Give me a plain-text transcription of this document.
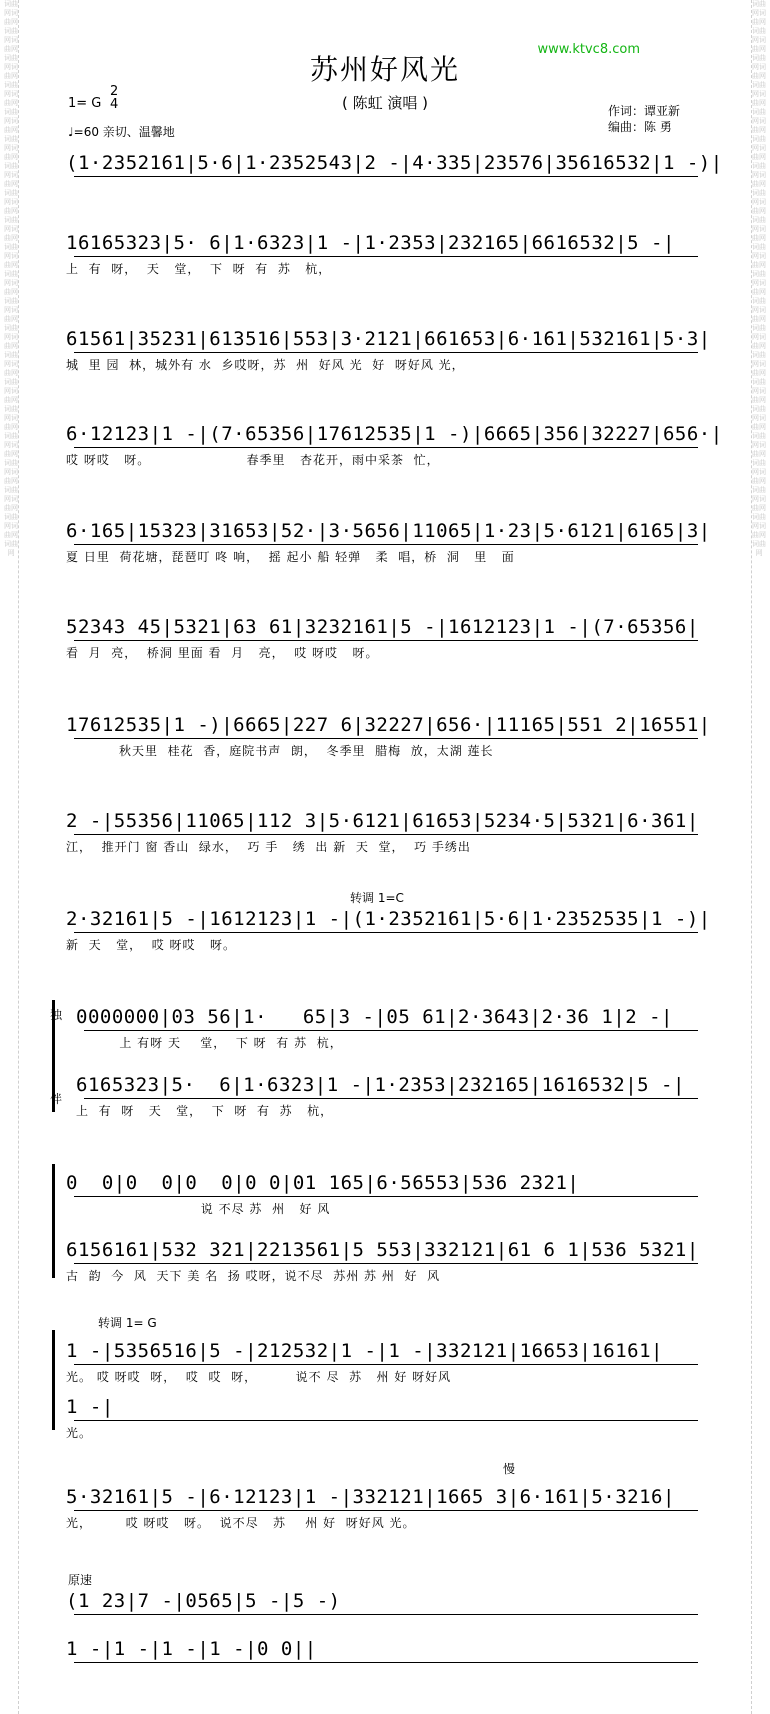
词曲网词曲网词曲网词曲网词曲网词曲网词曲网词曲网词曲网词曲网词曲网词曲网词曲网词曲网词曲网词曲网词曲网词曲网词曲网词曲网词曲网词曲网词曲网词曲网词曲网词曲网词曲网词曲网词曲网词曲网词曲网词曲网词曲网词曲网词曲网词曲网词曲网词曲网词曲网词曲网词曲网
词曲网词曲网词曲网词曲网词曲网词曲网词曲网词曲网词曲网词曲网词曲网词曲网词曲网词曲网词曲网词曲网词曲网词曲网词曲网词曲网词曲网词曲网词曲网词曲网词曲网词曲网词曲网词曲网词曲网词曲网词曲网词曲网词曲网词曲网词曲网词曲网词曲网词曲网词曲网词曲网词曲网
www.ktvc8.com
苏州好风光
( 陈虹 演唱 )
1= G
2
4
♩=60 亲切、温馨地
作词：谭亚新
编曲：陈 勇
(1·2352161|5·6|1·2352543|2 -|4·335|23576|35616532|1 -)|
16165323|5· 6|1·6323|1 -|1·2353|232165|6616532|5 -|
上  有  呀，  天   堂，  下  呀  有  苏   杭，
61561|35231|613516|553|3·2121|661653|6·161|532161|5·3|
城  里 园  林，城外有 水  乡哎呀，苏  州  好风 光  好  呀好风 光，
6·12123|1 -|(7·65356|17612535|1 -)|6665|356|32227|656·|
哎 呀哎   呀。                    春季里   杏花开，雨中采茶  忙，
6·165|15323|31653|52·|3·5656|11065|1·23|5·6121|6165|3|
夏 日里  荷花塘，琵琶叮 咚 响，  摇 起小 船 轻弹   柔  唱，桥  洞   里   面
52343 45|5321|63 61|3232161|5 -|1612123|1 -|(7·65356|
看  月  亮，  桥洞 里面 看  月   亮，  哎 呀哎   呀。
17612535|1 -)|6665|227 6|32227|656·|11165|551 2|16551|
秋天里  桂花  香，庭院书声  朗，  冬季里  腊梅  放，太湖 莲长
2 -|55356|11065|112 3|5·6121|61653|5234·5|5321|6·361|
江，  推开门 窗 香山  绿水，  巧 手   绣  出 新  天  堂，  巧 手绣出
转调 1=C
2·32161|5 -|1612123|1 -|(1·2352161|5·6|1·2352535|1 -)|
新  天   堂，  哎 呀哎   呀。
独
伴
0000000|03 56|1·   65|3 -|05 61|2·3643|2·36 1|2 -|
上 有呀 天    堂，  下 呀  有 苏  杭，
6165323|5·  6|1·6323|1 -|1·2353|232165|1616532|5 -|
上  有  呀   天   堂，  下  呀  有  苏   杭，
0  0|0  0|0  0|0 0|01 165|6·56553|536 2321|
说 不尽 苏  州   好 风
6156161|532 321|2213561|5 553|332121|61 6 1|536 5321|
古  韵  今  风  天下 美 名  扬 哎呀，说不尽  苏州 苏 州  好  风
转调 1= G
1 -|5356516|5 -|212532|1 -|1 -|332121|16653|16161|
光。 哎 呀哎  呀，  哎  哎  呀，        说不 尽  苏   州 好 呀好风
1 -|
光。
慢
5·32161|5 -|6·12123|1 -|332121|1665 3|6·161|5·3216|
光，       哎 呀哎   呀。  说不尽   苏    州 好  呀好风 光。
原速
(1 23|7 -|0565|5 -|5 -)
1 -|1 -|1 -|1 -|0 0||
